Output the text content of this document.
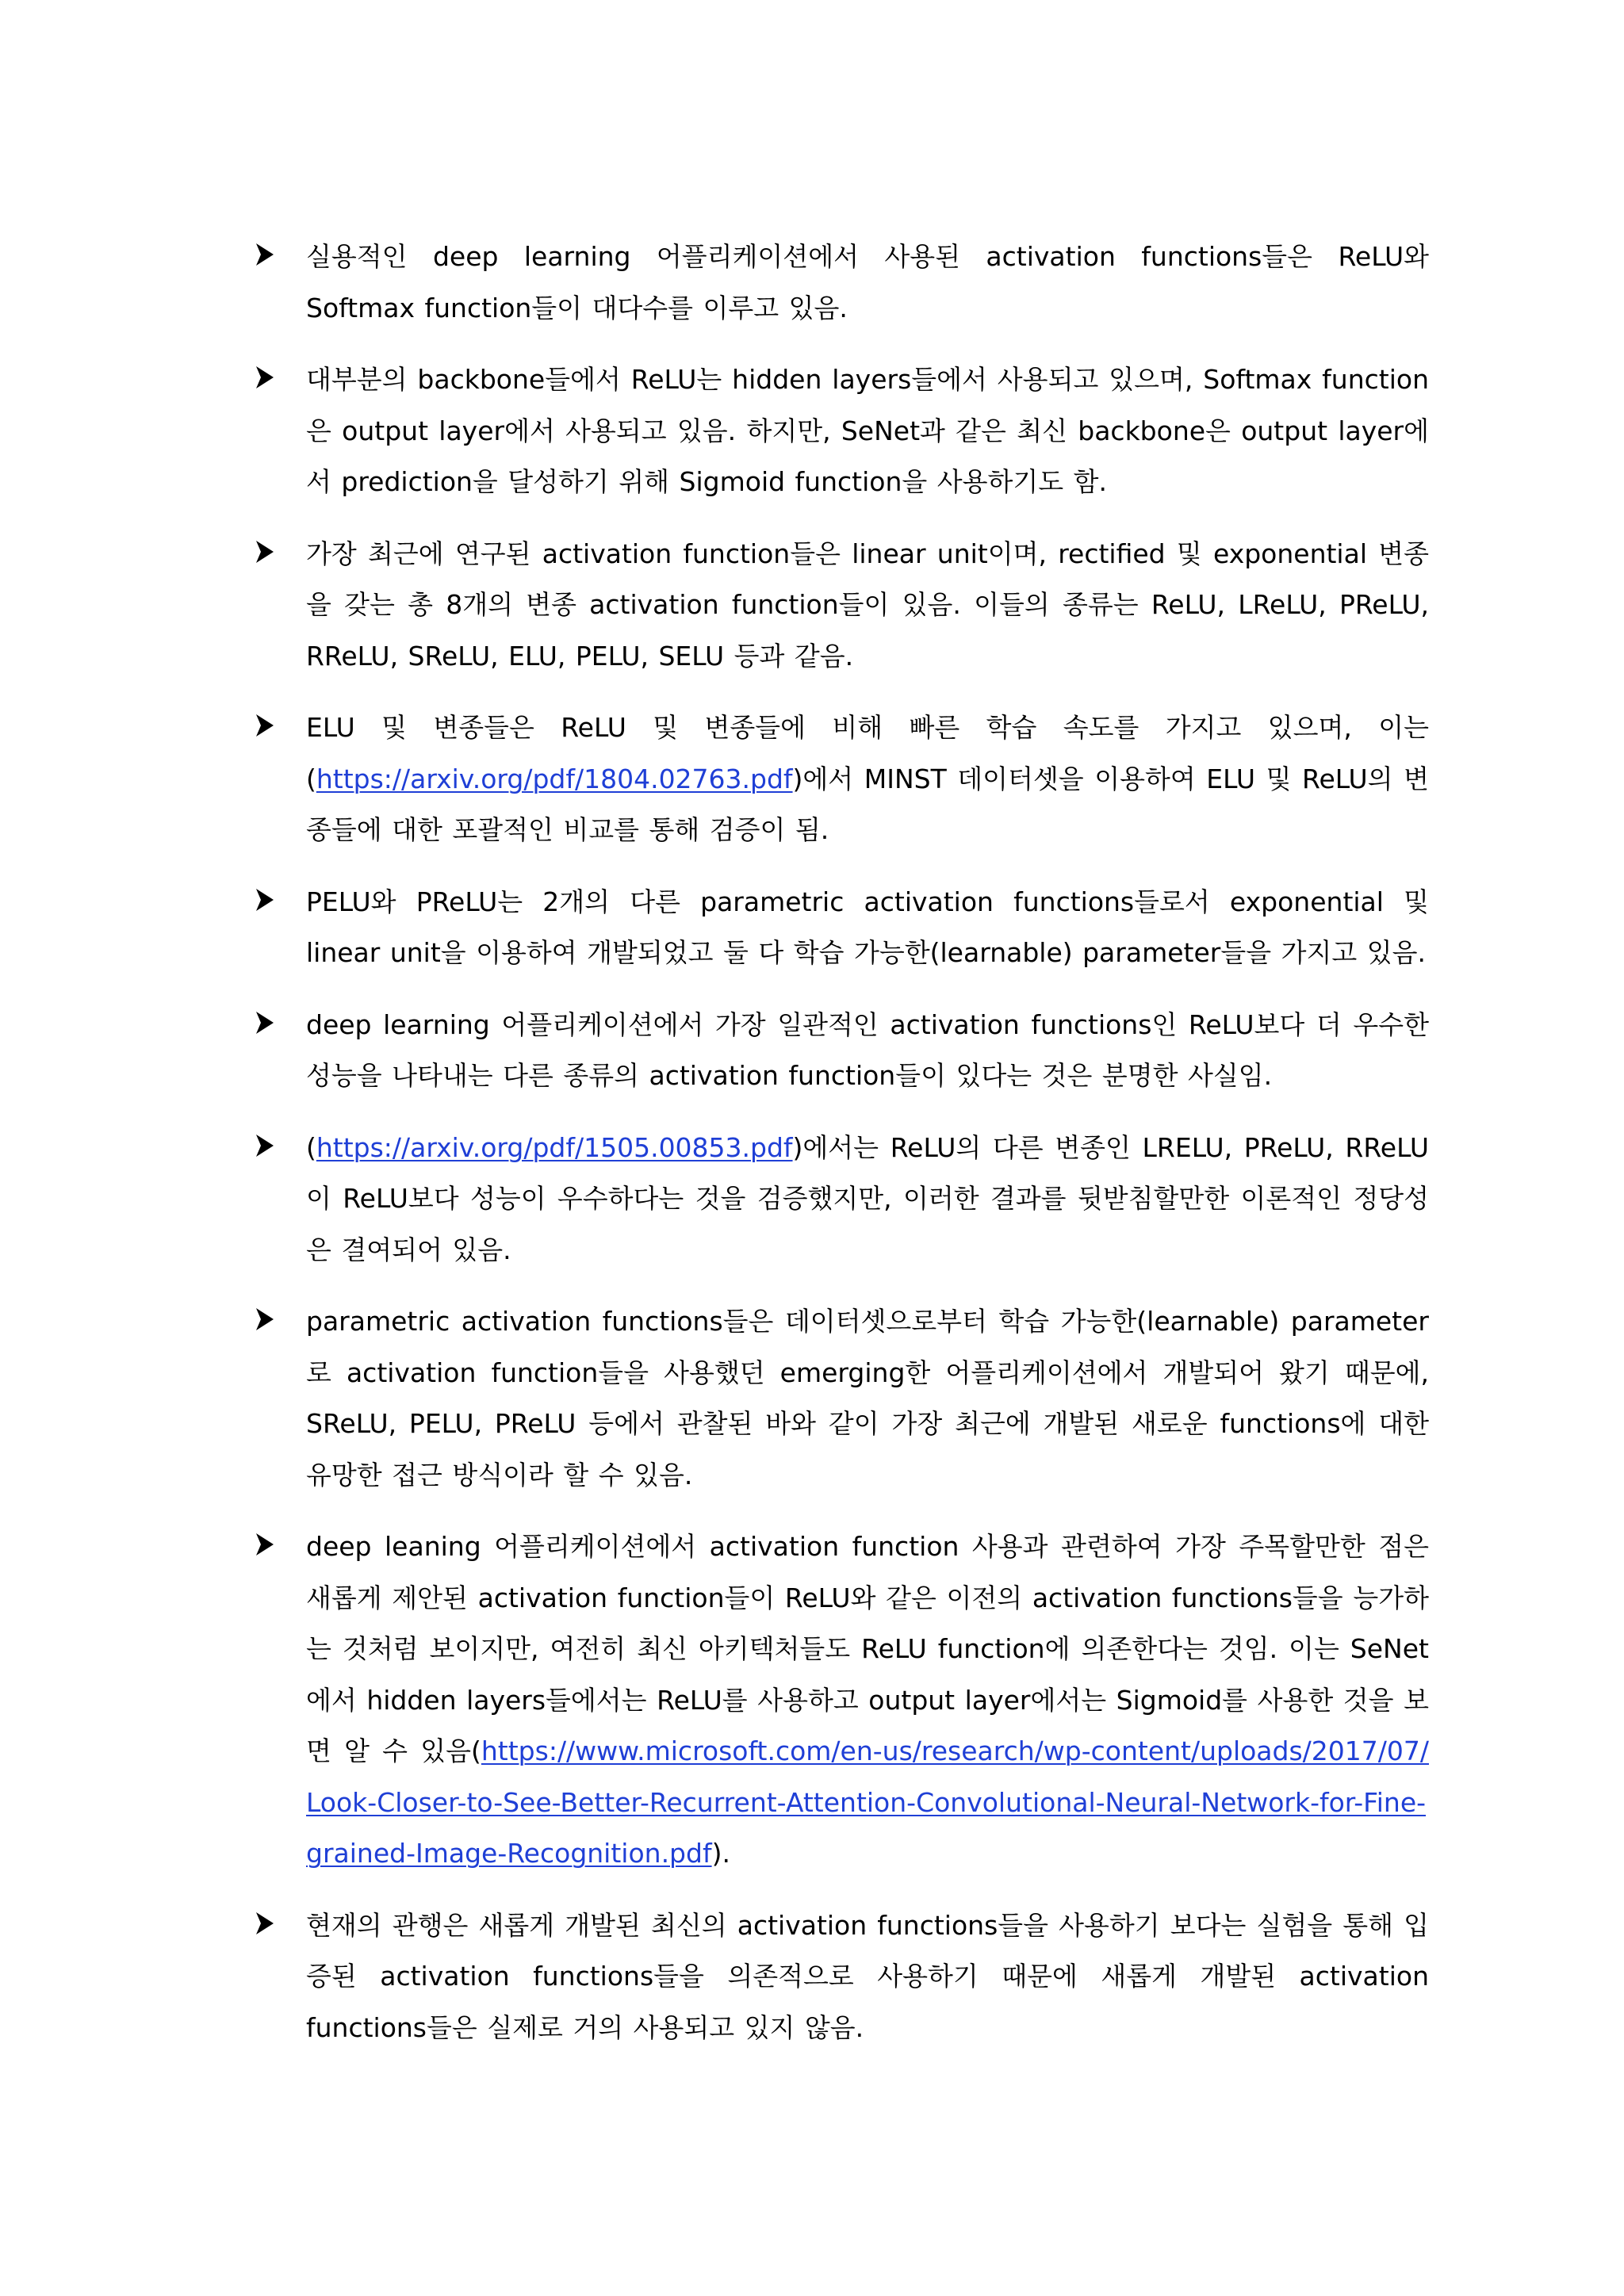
실용적인 deep learning 어플리케이션에서 사용된 activation functions들은 ReLU와 Softmax function들이 대다수를 이루고 있음.
대부분의 backbone들에서 ReLU는 hidden layers들에서 사용되고 있으며, Softmax function은 output layer에서 사용되고 있음. 하지만, SeNet과 같은 최신 backbone은 output layer에서 prediction을 달성하기 위해 Sigmoid function을 사용하기도 함.
가장 최근에 연구된 activation function들은 linear unit이며, rectified 및 exponential 변종을 갖는 총 8개의 변종 activation function들이 있음. 이들의 종류는 ReLU, LReLU, PReLU, RReLU, SReLU, ELU, PELU, SELU 등과 같음.
ELU 및 변종들은 ReLU 및 변종들에 비해 빠른 학습 속도를 가지고 있으며, 이는 (https://arxiv.org/pdf/1804.02763.pdf)에서 MINST 데이터셋을 이용하여 ELU 및 ReLU의 변종들에 대한 포괄적인 비교를 통해 검증이 됨.
PELU와 PReLU는 2개의 다른 parametric activation functions들로서 exponential 및 linear unit을 이용하여 개발되었고 둘 다 학습 가능한(learnable) parameter들을 가지고 있음.
deep learning 어플리케이션에서 가장 일관적인 activation functions인 ReLU보다 더 우수한 성능을 나타내는 다른 종류의 activation function들이 있다는 것은 분명한 사실임.
(https://arxiv.org/pdf/1505.00853.pdf)에서는 ReLU의 다른 변종인 LRELU, PReLU, RReLU이 ReLU보다 성능이 우수하다는 것을 검증했지만, 이러한 결과를 뒷받침할만한 이론적인 정당성은 결여되어 있음.
parametric activation functions들은 데이터셋으로부터 학습 가능한(learnable) parameter로 activation function들을 사용했던 emerging한 어플리케이션에서 개발되어 왔기 때문에, SReLU, PELU, PReLU 등에서 관찰된 바와 같이 가장 최근에 개발된 새로운 functions에 대한 유망한 접근 방식이라 할 수 있음.
deep leaning 어플리케이션에서 activation function 사용과 관련하여 가장 주목할만한 점은 새롭게 제안된 activation function들이 ReLU와 같은 이전의 activation functions들을 능가하는 것처럼 보이지만, 여전히 최신 아키텍처들도 ReLU function에 의존한다는 것임. 이는 SeNet에서 hidden layers들에서는 ReLU를 사용하고 output layer에서는 Sigmoid를 사용한 것을 보면 알 수 있음(https://www.microsoft.com/en-us/research/wp-content/uploads/2017/07/Look-Closer-to-See-Better-Recurrent-Attention-Convolutional-Neural-Network-for-Fine-grained-Image-Recognition.pdf).
현재의 관행은 새롭게 개발된 최신의 activation functions들을 사용하기 보다는 실험을 통해 입증된 activation functions들을 의존적으로 사용하기 때문에 새롭게 개발된 activation functions들은 실제로 거의 사용되고 있지 않음.
